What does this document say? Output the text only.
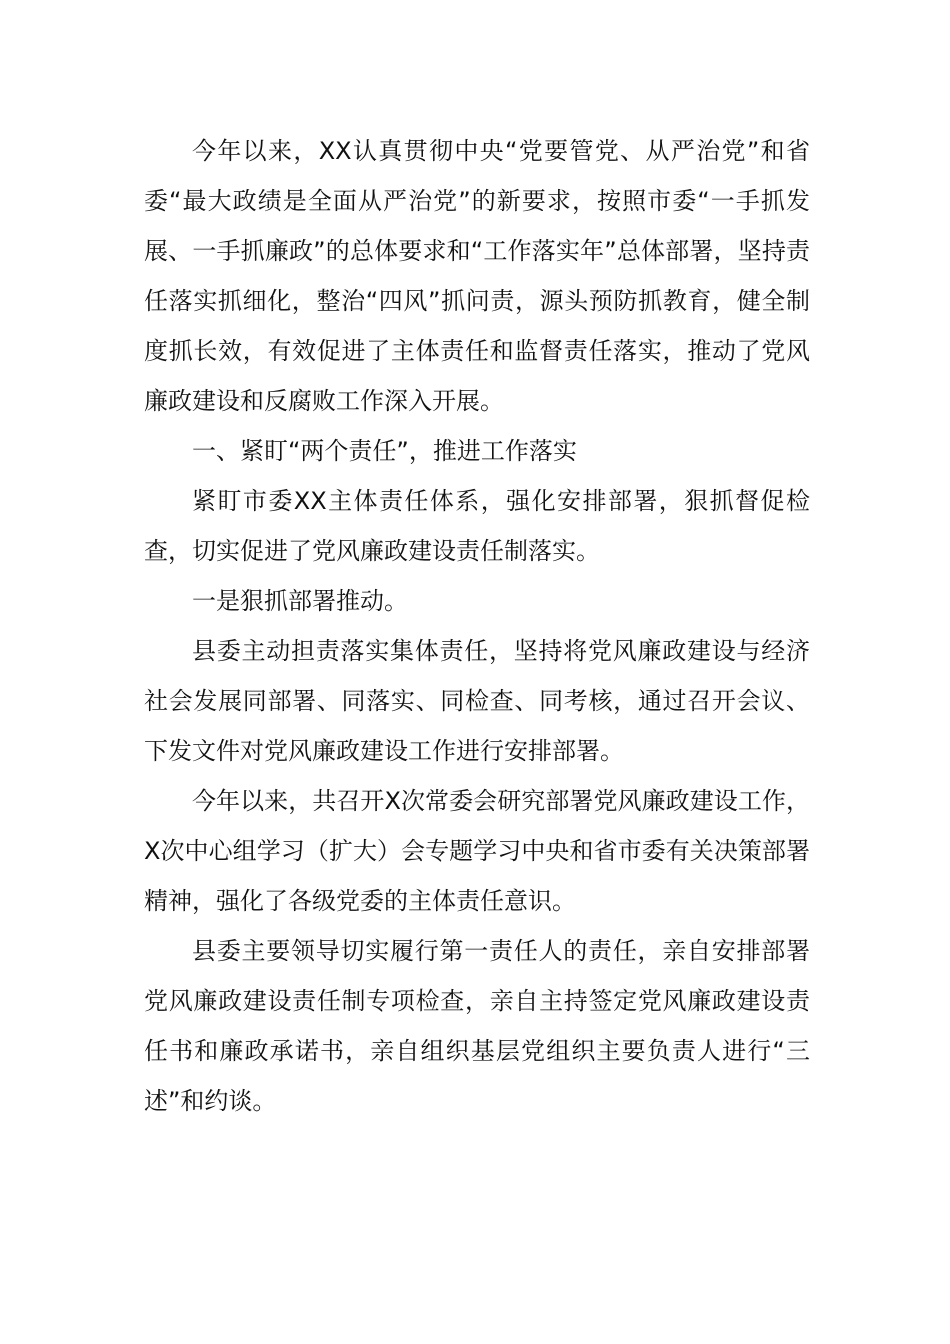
今年以来，XX认真贯彻中央“党要管党、从严治党”和省委“最大政绩是全面从严治党”的新要求，按照市委“一手抓发展、一手抓廉政”的总体要求和“工作落实年”总体部署，坚持责任落实抓细化，整治“四风”抓问责，源头预防抓教育，健全制度抓长效，有效促进了主体责任和监督责任落实，推动了党风廉政建设和反腐败工作深入开展。

一、紧盯“两个责任”，推进工作落实

紧盯市委XX主体责任体系，强化安排部署，狠抓督促检查，切实促进了党风廉政建设责任制落实。

一是狠抓部署推动。

县委主动担责落实集体责任，坚持将党风廉政建设与经济社会发展同部署、同落实、同检查、同考核，通过召开会议、下发文件对党风廉政建设工作进行安排部署。

今年以来，共召开X次常委会研究部署党风廉政建设工作，X次中心组学习（扩大）会专题学习中央和省市委有关决策部署精神，强化了各级党委的主体责任意识。

县委主要领导切实履行第一责任人的责任，亲自安排部署党风廉政建设责任制专项检查，亲自主持签定党风廉政建设责任书和廉政承诺书，亲自组织基层党组织主要负责人进行“三述”和约谈。
